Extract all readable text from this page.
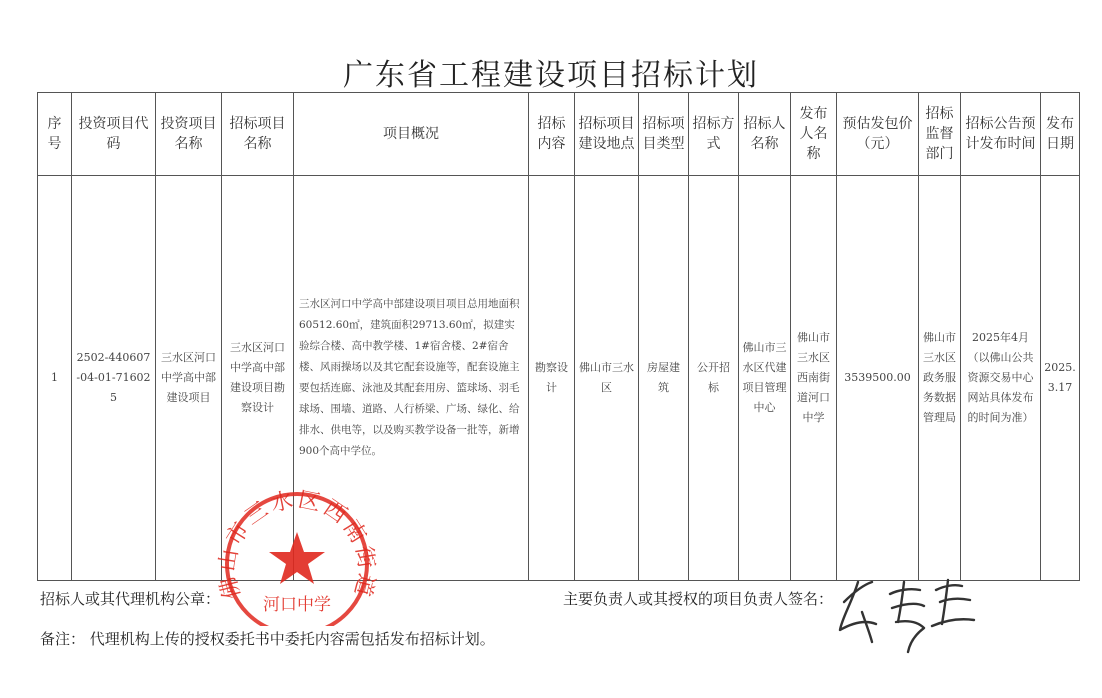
广东省工程建设项目招标计划
序号	投资项目代码	投资项目名称	招标项目名称	项目概况	招标内容	招标项目建设地点	招标项目类型	招标方式	招标人名称	发布人名称	预估发包价（元）	招标监督部门	招标公告预计发布时间	发布日期
1	2502-440607-04-01-716025	三水区河口中学高中部建设项目	三水区河口中学高中部建设项目勘察设计	三水区河口中学高中部建设项目项目总用地面积60512.60㎡，建筑面积29713.60㎡，拟建实验综合楼、高中教学楼、1#宿舍楼、2#宿舍楼、风雨操场以及其它配套设施等，配套设施主要包括连廊、泳池及其配套用房、篮球场、羽毛球场、围墙、道路、人行桥梁、广场、绿化、给排水、供电等，以及购买教学设备一批等，新增900个高中学位。	勘察设计	佛山市三水区	房屋建筑	公开招标	佛山市三水区代建项目管理中心	佛山市三水区西南街道河口中学	3539500.00	佛山市三水区政务服务数据管理局	2025年4月（以佛山公共资源交易中心网站具体发布的时间为准）	2025.3.17
招标人或其代理机构公章：	主要负责人或其授权的项目负责人签名：
备注： 代理机构上传的授权委托书中委托内容需包括发布招标计划。
佛山市三水区西南街道
河口中学
